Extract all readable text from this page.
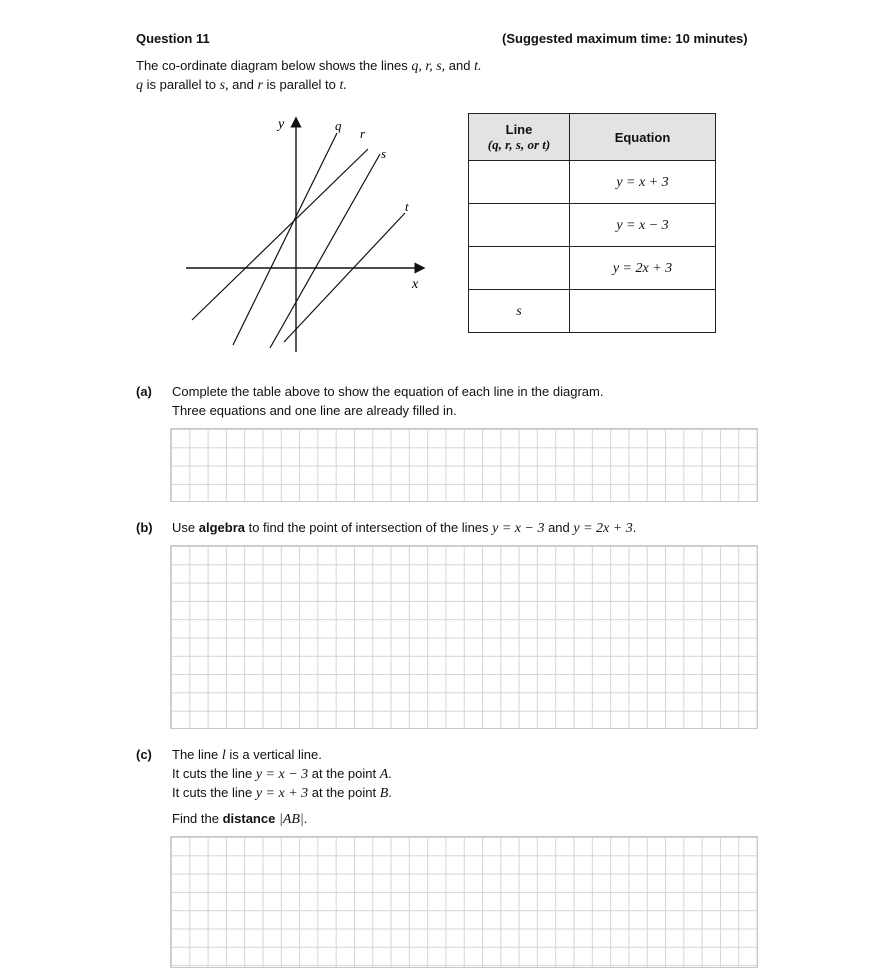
Question 11	(Suggested maximum time: 10 minutes)
The co-ordinate diagram below shows the lines q, r, s, and t.
q is parallel to s, and r is parallel to t.
y
x
q
r
s
t
Line
(q, r, s, or t)	Equation
	y = x + 3
	y = x − 3
	y = 2x + 3
s	
(a) Complete the table above to show the equation of each line in the diagram.
Three equations and one line are already filled in.
(b) Use algebra to find the point of intersection of the lines y = x − 3 and y = 2x + 3.
(c) The line l is a vertical line.
It cuts the line y = x − 3 at the point A.
It cuts the line y = x + 3 at the point B.
Find the distance |AB|.
